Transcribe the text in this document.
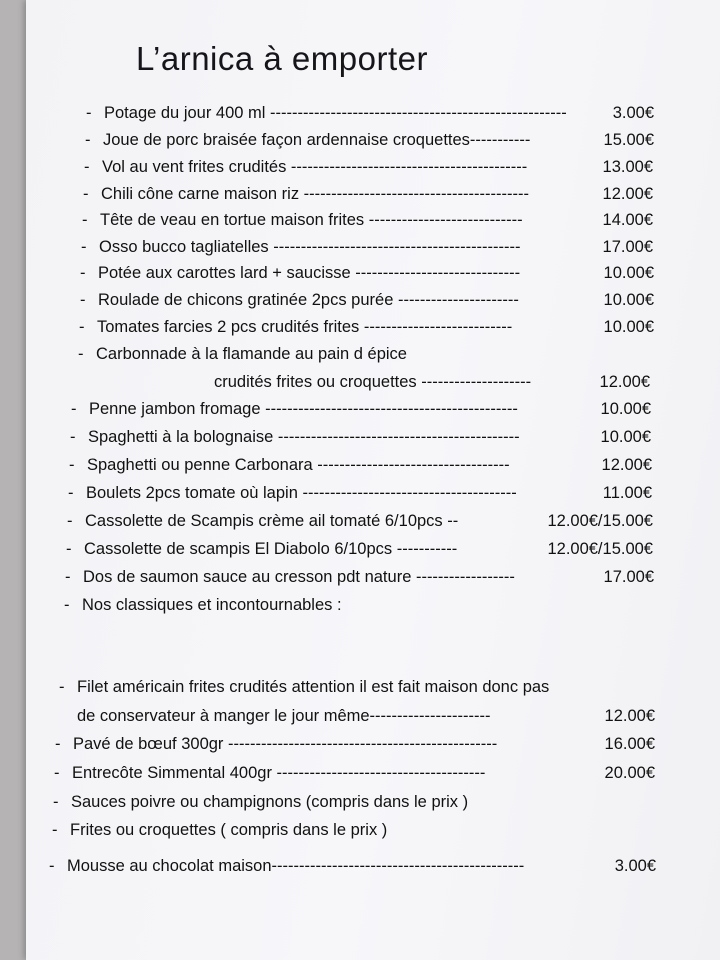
L’arnica à emporter
- Potage du jour 400 ml ------------------------------------------------------	3.00€
- Joue de porc braisée façon ardennaise croquettes-----------	15.00€
- Vol au vent frites crudités -------------------------------------------	13.00€
- Chili cône carne maison riz -----------------------------------------	12.00€
- Tête de veau en tortue maison frites ----------------------------	14.00€
- Osso bucco tagliatelles ---------------------------------------------	17.00€
- Potée aux carottes lard + saucisse ------------------------------	10.00€
- Roulade de chicons gratinée 2pcs purée ----------------------	10.00€
- Tomates farcies 2 pcs crudités frites ---------------------------	10.00€
- Carbonnade à la flamande au pain d épice
crudités frites ou croquettes --------------------	12.00€
- Penne jambon fromage ----------------------------------------------	10.00€
- Spaghetti à la bolognaise --------------------------------------------	10.00€
- Spaghetti ou penne Carbonara -----------------------------------	12.00€
- Boulets 2pcs tomate où lapin ---------------------------------------	11.00€
- Cassolette de Scampis crème ail tomaté 6/10pcs --	12.00€/15.00€
- Cassolette de scampis El Diabolo 6/10pcs -----------	12.00€/15.00€
- Dos de saumon sauce au cresson pdt nature ------------------	17.00€
- Nos classiques et incontournables :
- Filet américain frites crudités attention il est fait maison donc pas
de conservateur à manger le jour même----------------------	12.00€
- Pavé de bœuf 300gr -------------------------------------------------	16.00€
- Entrecôte Simmental 400gr --------------------------------------	20.00€
- Sauces poivre ou champignons (compris dans le prix )
- Frites ou croquettes ( compris dans le prix )
- Mousse au chocolat maison----------------------------------------------	3.00€
